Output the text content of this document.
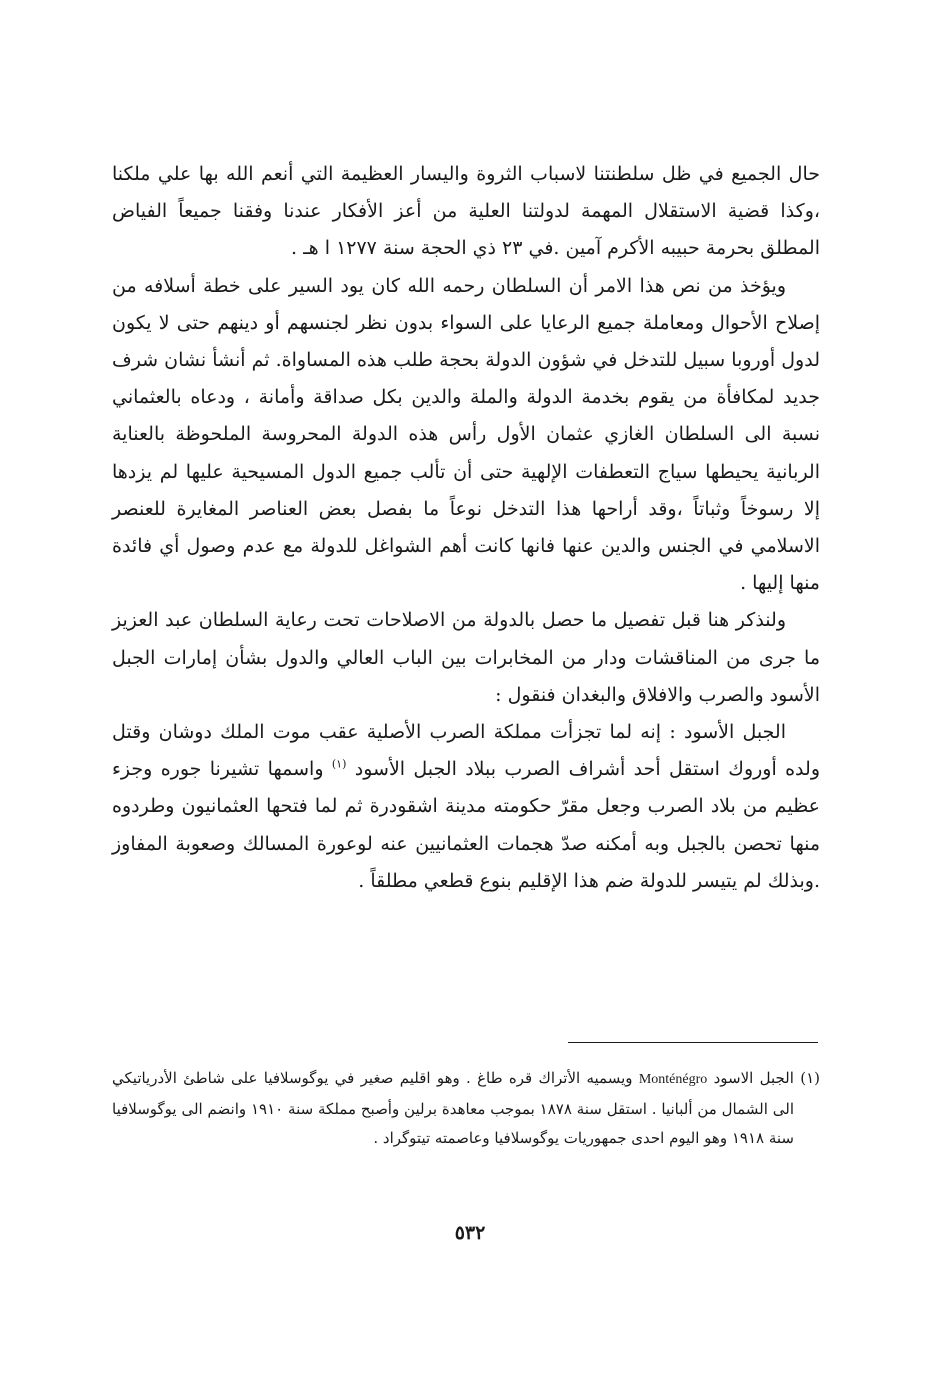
حال الجميع في ظل سلطنتنا لاسباب الثروة واليسار العظيمة التي أنعم الله بها علي ملكنا ،وكذا قضية الاستقلال المهمة لدولتنا العلية من أعز الأفكار عندنا وفقنا جميعاً الفياض المطلق بحرمة حبيبه الأكرم آمين .في ٢٣ ذي الحجة سنة ١٢٧٧ ا هـ .

ويؤخذ من نص هذا الامر أن السلطان رحمه الله كان يود السير على خطة أسلافه من إصلاح الأحوال ومعاملة جميع الرعايا على السواء بدون نظر لجنسهم أو دينهم حتى لا يكون لدول أوروبا سبيل للتدخل في شؤون الدولة بحجة طلب هذه المساواة. ثم أنشأ نشان شرف جديد لمكافأة من يقوم بخدمة الدولة والملة والدين بكل صداقة وأمانة ، ودعاه بالعثماني نسبة الى السلطان الغازي عثمان الأول رأس هذه الدولة المحروسة الملحوظة بالعناية الربانية يحيطها سياج التعطفات الإلهية حتى أن تألب جميع الدول المسيحية عليها لم يزدها إلا رسوخاً وثباتاً ،وقد أراحها هذا التدخل نوعاً ما بفصل بعض العناصر المغايرة للعنصر الاسلامي في الجنس والدين عنها فانها كانت أهم الشواغل للدولة مع عدم وصول أي فائدة منها إليها .

ولنذكر هنا قبل تفصيل ما حصل بالدولة من الاصلاحات تحت رعاية السلطان عبد العزيز ما جرى من المناقشات ودار من المخابرات بين الباب العالي والدول بشأن إمارات الجبل الأسود والصرب والافلاق والبغدان فنقول :

الجبل الأسود : إنه لما تجزأت مملكة الصرب الأصلية عقب موت الملك دوشان وقتل ولده أوروك استقل أحد أشراف الصرب ببلاد الجبل الأسود $^{(١)}$ واسمها تشيرنا جوره وجزء عظيم من بلاد الصرب وجعل مقرّ حكومته مدينة اشقودرة ثم لما فتحها العثمانيون وطردوه منها تحصن بالجبل وبه أمكنه صدّ هجمات العثمانيين عنه لوعورة المسالك وصعوبة المفاوز .وبذلك لم يتيسر للدولة ضم هذا الإقليم بنوع قطعي مطلقاً .

(١) الجبل الاسود Monténégro ويسميه الأتراك قره طاغ . وهو اقليم صغير في يوگوسلافيا على شاطئ الأدرياتيكي الى الشمال من ألبانيا . استقل سنة ١٨٧٨ بموجب معاهدة برلين وأصبح مملكة سنة ١٩١٠ وانضم الى يوگوسلافيا سنة ١٩١٨ وهو اليوم احدى جمهوريات يوگوسلافيا وعاصمته تيتوگراد .

٥٣٢
